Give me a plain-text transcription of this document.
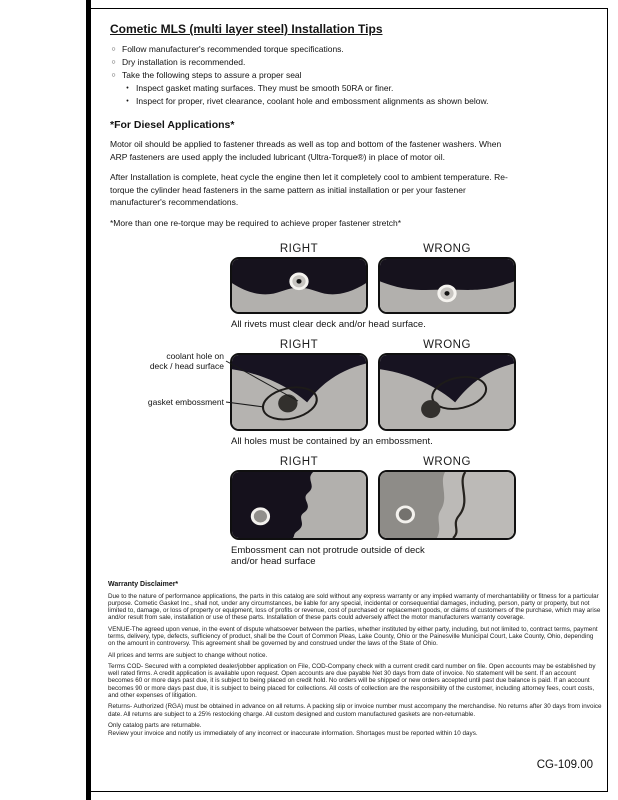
Cometic MLS (multi layer steel) Installation Tips
○ Follow manufacturer's recommended torque specifications.
○ Dry installation is recommended.
○ Take the following steps to assure a proper seal
• Inspect gasket mating surfaces. They must be smooth 50RA or finer.
• Inspect for proper, rivet clearance, coolant hole and embossment alignments as shown below.
*For Diesel Applications*
Motor oil should be applied to fastener threads as well as top and bottom of the fastener washers. When ARP fasteners are used apply the included lubricant (Ultra-Torque®) in place of motor oil.
After Installation is complete, heat cycle the engine then let it completely cool to ambient temperature. Re-torque the cylinder head fasteners in the same pattern as initial installation or per your fastener manufacturer's recommendations.
*More than one re-torque may be required to achieve proper fastener stretch*
RIGHT	WRONG
All rivets must clear deck and/or head surface.
RIGHT	WRONG
coolant hole on
deck / head surface
gasket embossment
All holes must be contained by an embossment.
RIGHT	WRONG
Embossment can not protrude outside of deck
and/or head surface
Warranty Disclaimer*
Due to the nature of performance applications, the parts in this catalog are sold without any express warranty or any implied warranty of merchantability or fitness for a particular purpose. Cometic Gasket Inc., shall not, under any circumstances, be liable for any special, incidental or consequential damages, including, person, party or property, but not limited to, damage, or loss of property or equipment, loss of profits or revenue, cost of purchased or replacement goods, or claims of customers of the purchase, which may arise and/or result from sale, installation or use of these parts. Installation of these parts could adversely affect the motor manufacturers warranty coverage.
VENUE-The agreed upon venue, in the event of dispute whatsoever between the parties, whether instituted by either party, including, but not limited to, contract terms, payment terms, delivery, type, defects, sufficiency of product, shall be the Court of Common Pleas, Lake County, Ohio or the Painesville Municipal Court, Lake County, Ohio, depending on the amount in controversy. This agreement shall be governed by and construed under the laws of the State of Ohio.
All prices and terms are subject to change without notice.
Terms COD- Secured with a completed dealer/jobber application on File, COD-Company check with a current credit card number on file. Open accounts may be established by well rated firms. A credit application is available upon request. Open accounts are due payable Net 30 days from date of invoice. No statement will be sent. If an account becomes 60 or more days past due, it is subject to being placed on credit hold. No orders will be shipped or new orders accepted until past due balance is paid. If an account becomes 90 or more days past due, it is subject to being placed for collections. All costs of collection are the responsibility of the customer, including attorney fees, court costs, and other expenses of litigation.
Returns- Authorized (RGA) must be obtained in advance on all returns. A packing slip or invoice number must accompany the merchandise. No returns after 30 days from invoice date. All returns are subject to a 25% restocking charge. All custom designed and custom manufactured gaskets are non-returnable.
Only catalog parts are returnable.
Review your invoice and notify us immediately of any incorrect or inaccurate information. Shortages must be reported within 10 days.
CG-109.00
